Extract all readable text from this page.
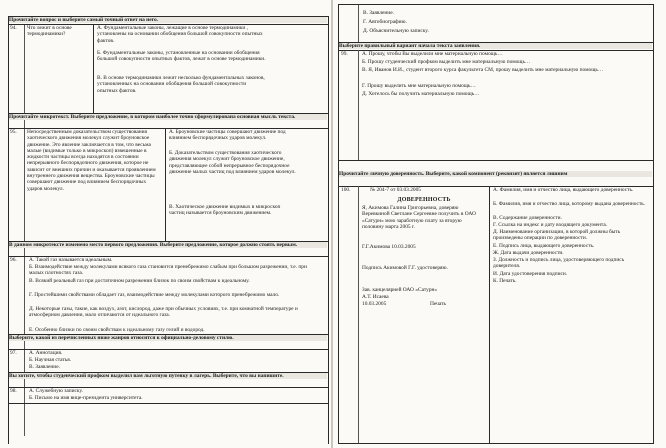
Прочитайте вопрос и выберите самый точный ответ на него.
94. Что лежит в основе термодинамики?
А. Фундаментальные законы, лежащие в основе термодинамики , установлены на основании обобщения большой совокупности опытных фактов.
Б. Фундаментальные законы, установленные на основании обобщения большой совокупности опытных фактов, лежат в основе термодинамики.
В. В основе термодинамики лежит несколько фундаментальных законов, установленных на основании обобщения большой совокупности опытных фактов.
Прочитайте микротекст. Выберите предложение, в котором наиболее точно сформулирована основная мысль текста.
95. Непосредственным доказательством существования хаотического движения молекул служит броуновское движение. Это явление заключается в том, что весьма малые (видимые только в микроскоп) взвешенные в жидкости частицы всегда находятся в состоянии непрерывного беспорядочного движения, которое не зависит от внешних причин и оказывается проявлением внутреннего движения вещества. Броуновские частицы совершают движение под влиянием беспорядочных ударов молекул.
А. Броуновские частицы совершают движение под влиянием беспорядочных ударов молекул.
Б. Доказательством существования хаотического движения молекул служит броуновское движение, представляющее собой непрерывное беспорядочное движение малых частиц под влиянием ударов молекул.
В. Хаотическое движение видимых в микроскоп частиц называется броуновским движением.
В данном микротексте изменено место первого предложения. Выберите предложение, которое должно стоять первым.
96. А. Такой газ называется идеальным.
Б. Взаимодействие между молекулами всякого газа становится пренебрежимо слабым при большом разрежении, т.е. при малых плотностях газа.
В. Всякий реальный газ при достаточном разрежении близок по своим свойствам к идеальному.
Г. Простейшими свойствами обладает газ, взаимодействие между молекулами которого пренебрежимо мало.
Д. Некоторые газы, такие, как воздух, азот, кислород, даже при обычных условиях, т.е. при комнатной температуре и атмосферном давлении, мало отличаются от идеального газа.
Е. Особенно близки по своим свойствам к идеальному газу гелий и водород.
Выберите, какой из перечисленных ниже жанров относится к официально-деловому стилю.
97. А. Аннотация.
Б. Научная статья.
В. Заявление.
Вы хотите, чтобы студенческий профком выделил вам льготную путевку в лагерь. Выберите, что вы напишите.
98. А. Служебную записку.
Б. Письмо на имя вице-президента университета.
В. Заявление.
Г. Автобиографию.
Д. Объяснительную записку.
Выберите правильный вариант начала текста заявления.
99.	А. Прошу, чтобы Вы выделили мне материальную помощь…
Б. Прошу студенческий профком выделить мне материальную помощь…
В. Я, Иванов И.И., студент второго курса факультета СМ, прошу выделить мне материальную помощь…
Г. Прошу выделить мне материальную помощь…
Д. Хотелось бы получить материальную помощь…
Прочитайте личную доверенность. Выберите, какой компонент (реквизит) является лишним
100.	№ 204-7 от 03.03.2005
ДОВЕРЕННОСТЬ
Я, Акимова Галина Григорьевна, доверяю Веревкиной Светлане Сергеевне получить в ОАО «Сатурн» мою заработную плату за вторую половину марта 2005 г.
Г.Г.Акимова 10.03.2005
Подпись Акимовой Г.Г. удостоверяю.
Зав. канцелярией ОАО «Сатурн»
А.Т. Исаева
10.03.2005	Печать
А. Фамилия, имя и отчество лица, выдающего доверенность.
Б. Фамилия, имя и отчество лица, которому выдана доверенность.
В. Содержание доверенности.
Г. Ссылка на индекс и дату входящего документа.
Д. Наименование организации, в которой должны быть произведены операции по доверенности.
Е. Подпись лица, выдающего доверенность.
Ж. Дата выдачи доверенности.
З. Должность и подпись лица, удостоверяющего подпись доверителя.
И. Дата удостоверения подписи.
К. Печать.
